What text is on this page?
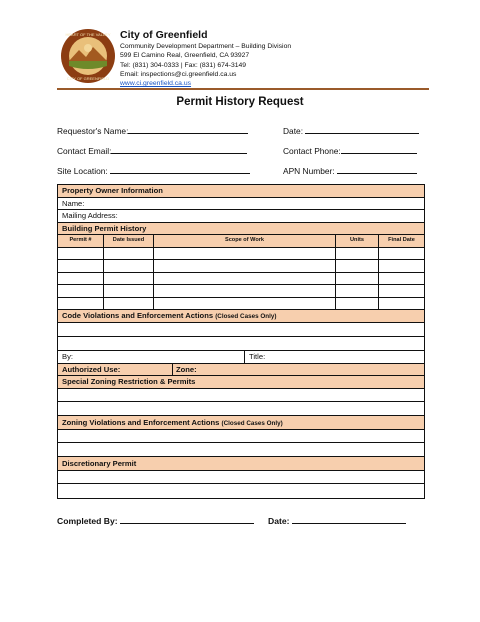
HEART OF THE VALLEY
CITY OF GREENFIELD
City of Greenfield
Community Development Department – Building Division
599 El Camino Real, Greenfield, CA 93927
Tel: (831) 304-0333 | Fax: (831) 674-3149
Email: inspections@ci.greenfield.ca.us
www.ci.greenfield.ca.us
Permit History Request
Requestor's Name:	Date:
Contact Email:	Contact Phone:
Site Location:	APN Number:
Property Owner Information
Name:
Mailing Address:
Building Permit History
Permit #	Date Issued	Scope of Work	Units	Final Date
Code Violations and Enforcement Actions (Closed Cases Only)
By:	Title:
Authorized Use:	Zone:
Special Zoning Restriction & Permits
Zoning Violations and Enforcement Actions (Closed Cases Only)
Discretionary Permit
Completed By:	Date:
